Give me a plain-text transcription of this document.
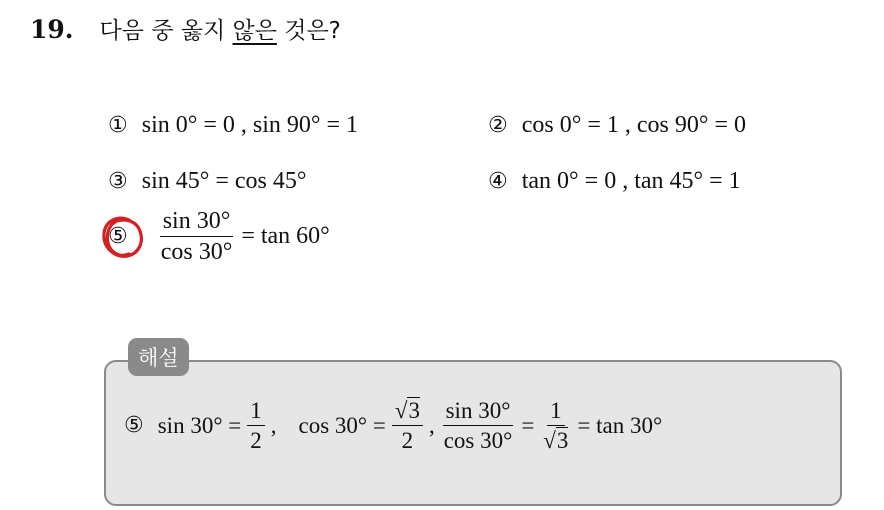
19. 다음 중 옳지 않은 것은?
① sin 0° = 0 , sin 90° = 1	② cos 0° = 1 , cos 90° = 0
③ sin 45° = cos 45°	④ tan 0° = 0 , tan 45° = 1
⑤	$\frac{\sin 30^\circ}{\cos 30^\circ} = \tan 60^\circ$
해설
⑤ $\sin 30^\circ = \frac{1}{2}$ , $\cos 30^\circ = \frac{√3}{2}$ , $\frac{\sin 30^\circ}{\cos 30^\circ} = \frac{1}{√3} = \tan 30^\circ$
